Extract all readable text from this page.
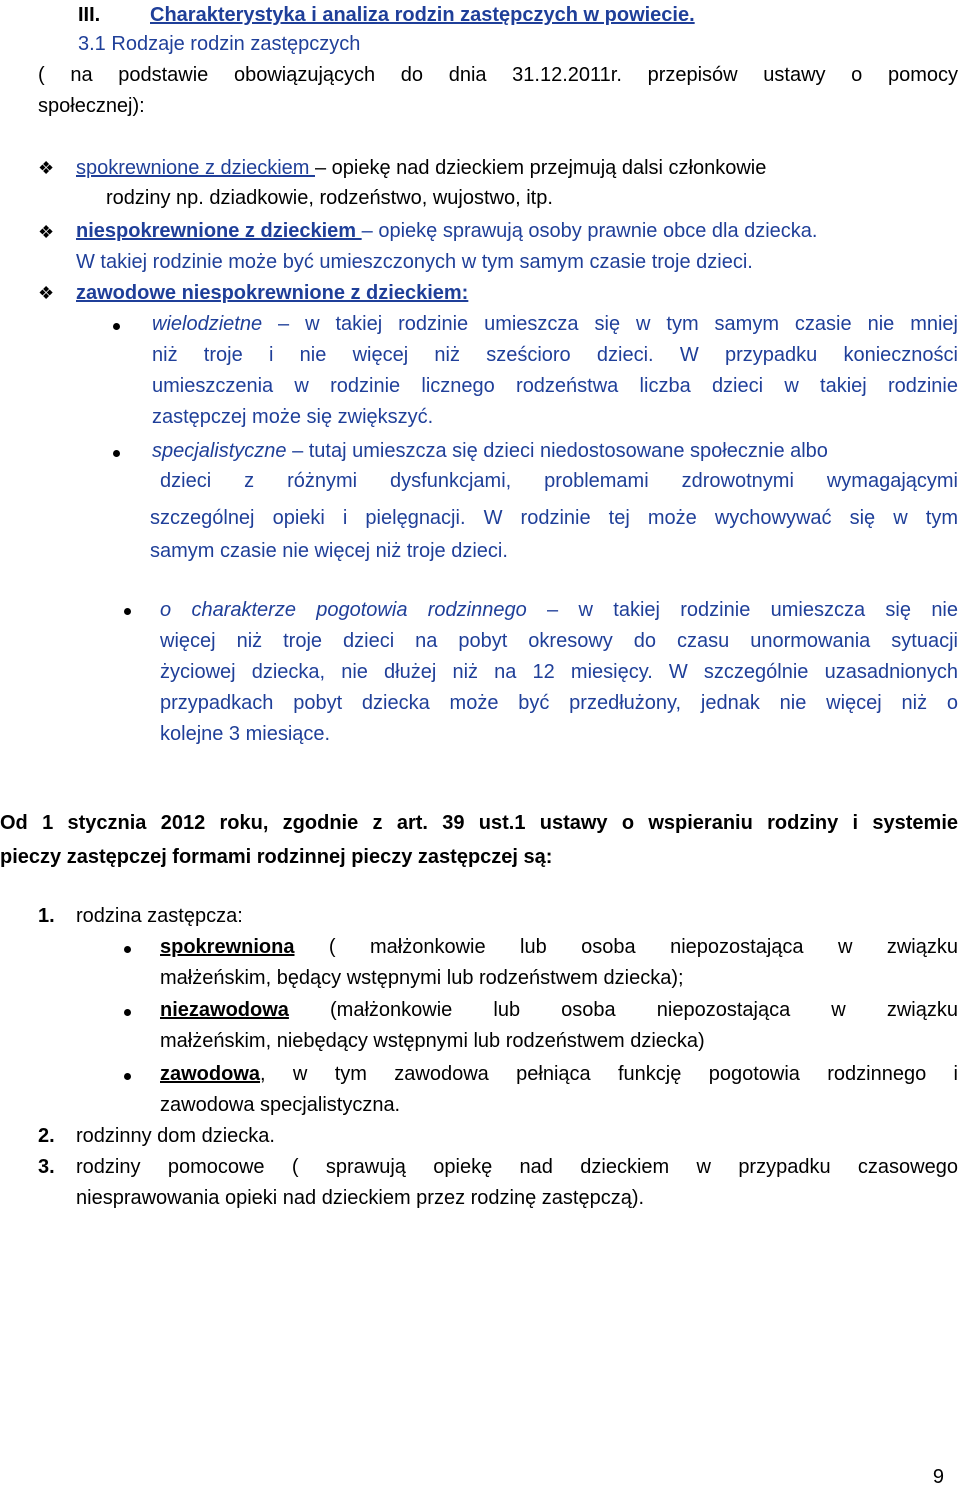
III. Charakterystyka i analiza rodzin zastępczych w powiecie.
3.1 Rodzaje rodzin zastępczych
( na podstawie obowiązujących do dnia 31.12.2011r. przepisów ustawy o pomocy
społecznej):
❖ spokrewnione z dzieckiem – opiekę nad dzieckiem przejmują dalsi członkowie
rodziny np. dziadkowie, rodzeństwo, wujostwo, itp.
❖ niespokrewnione z dzieckiem – opiekę sprawują osoby prawnie obce dla dziecka.
W takiej rodzinie może być umieszczonych w tym samym czasie troje dzieci.
❖ zawodowe niespokrewnione z dzieckiem:
wielodzietne – w takiej rodzinie umieszcza się w tym samym czasie nie mniej
niż troje i nie więcej niż sześcioro dzieci. W przypadku konieczności
umieszczenia w rodzinie licznego rodzeństwa liczba dzieci w takiej rodzinie
zastępczej może się zwiększyć.
specjalistyczne – tutaj umieszcza się dzieci niedostosowane społecznie albo
dzieci z różnymi dysfunkcjami, problemami zdrowotnymi wymagającymi
szczególnej opieki i pielęgnacji. W rodzinie tej może wychowywać się w tym
samym czasie nie więcej niż troje dzieci.
o charakterze pogotowia rodzinnego – w takiej rodzinie umieszcza się nie
więcej niż troje dzieci na pobyt okresowy do czasu unormowania sytuacji
życiowej dziecka, nie dłużej niż na 12 miesięcy. W szczególnie uzasadnionych
przypadkach pobyt dziecka może być przedłużony, jednak nie więcej niż o
kolejne 3 miesiące.
Od 1 stycznia 2012 roku, zgodnie z art. 39 ust.1 ustawy o wspieraniu rodziny i systemie
pieczy zastępczej formami rodzinnej pieczy zastępczej są:
1. rodzina zastępcza:
spokrewniona ( małżonkowie lub osoba niepozostająca w związku
małżeńskim, będący wstępnymi lub rodzeństwem dziecka);
niezawodowa (małżonkowie lub osoba niepozostająca w związku
małżeńskim, niebędący wstępnymi lub rodzeństwem dziecka)
zawodowa, w tym zawodowa pełniąca funkcję pogotowia rodzinnego i
zawodowa specjalistyczna.
2. rodzinny dom dziecka.
3. rodziny pomocowe ( sprawują opiekę nad dzieckiem w przypadku czasowego
niesprawowania opieki nad dzieckiem przez rodzinę zastępczą).
9
